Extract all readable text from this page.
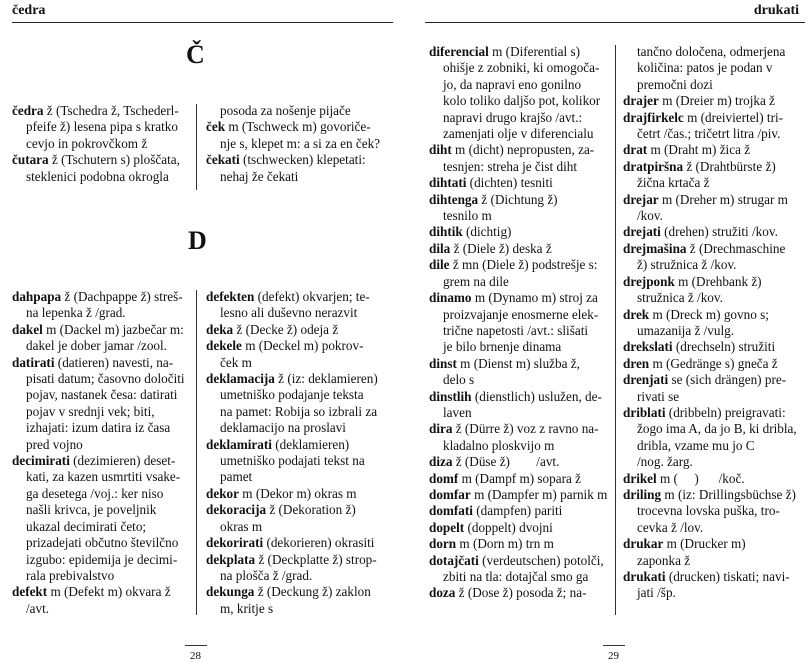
čedra
Č
čedra ž (Tschedra ž, Tschederl-
pfeife ž) lesena pipa s kratko
cevjo in pokrovčkom ž
čutara ž (Tschutern s) ploščata,
steklenici podobna okrogla
posoda za nošenje pijače
ček m (Tschweck m) govoriče-
nje s, klepet m: a si za en ček?
čekati (tschwecken) klepetati:
nehaj že čekati
D
dahpapa ž (Dachpappe ž) streš-
na lepenka ž /grad.
dakel m (Dackel m) jazbečar m:
dakel je dober jamar /zool.
datirati (datieren) navesti, na-
pisati datum; časovno določiti
pojav, nastanek česa: datirati
pojav v srednji vek; biti,
izhajati: izum datira iz časa
pred vojno
decimirati (dezimieren) deset-
kati, za kazen usmrtiti vsake-
ga desetega /voj.: ker niso
našli krivca, je poveljnik
ukazal decimirati četo;
prizadejati občutno številčno
izgubo: epidemija je decimi-
rala prebivalstvo
defekt m (Defekt m) okvara ž
/avt.
defekten (defekt) okvarjen; te-
lesno ali duševno nerazvit
deka ž (Decke ž) odeja ž
dekele m (Deckel m) pokrov-
ček m
deklamacija ž (iz: deklamieren)
umetniško podajanje teksta
na pamet: Robija so izbrali za
deklamacijo na proslavi
deklamirati (deklamieren)
umetniško podajati tekst na
pamet
dekor m (Dekor m) okras m
dekoracija ž (Dekoration ž)
okras m
dekorirati (dekorieren) okrasiti
dekplata ž (Deckplatte ž) strop-
na plošča ž /grad.
dekunga ž (Deckung ž) zaklon
m, kritje s
28
drukati
diferencial m (Diferential s)
ohišje z zobniki, ki omogoča-
jo, da napravi eno gonilno
kolo toliko daljšo pot, kolikor
napravi drugo krajšo /avt.:
zamenjati olje v diferencialu
diht m (dicht) nepropusten, za-
tesnjen: streha je čist diht
dihtati (dichten) tesniti
dihtenga ž (Dichtung ž)
tesnilo m
dihtik (dichtig)
dila ž (Diele ž) deska ž
dile ž mn (Diele ž) podstrešje s:
grem na dile
dinamo m (Dynamo m) stroj za
proizvajanje enosmerne elek-
trične napetosti /avt.: slišati
je bilo brnenje dinama
dinst m (Dienst m) služba ž,
delo s
dinstlih (dienstlich) uslužen, de-
laven
dira ž (Dürre ž) voz z ravno na-
kladalno ploskvijo m
diza ž (Düse ž)        /avt.
domf m (Dampf m) sopara ž
domfar m (Dampfer m) parnik m
domfati (dampfen) pariti
dopelt (doppelt) dvojni
dorn m (Dorn m) trn m
dotajčati (verdeutschen) potolči,
zbiti na tla: dotajčal smo ga
doza ž (Dose ž) posoda ž; na-
tančno določena, odmerjena
količina: patos je podan v
premočni dozi
drajer m (Dreier m) trojka ž
drajfirkelc m (dreiviertel) tri-
četrt /čas.; tričetrt litra /piv.
drat m (Draht m) žica ž
dratpiršna ž (Drahtbürste ž)
žična krtača ž
drejar m (Dreher m) strugar m
/kov.
drejati (drehen) stružiti /kov.
drejmašina ž (Drechmaschine
ž) stružnica ž /kov.
drejponk m (Drehbank ž)
stružnica ž /kov.
drek m (Dreck m) govno s;
umazanija ž /vulg.
drekslati (drechseln) stružiti
dren m (Gedränge s) gneča ž
drenjati se (sich drängen) pre-
rivati se
driblati (dribbeln) preigravati:
žogo ima A, da jo B, ki dribla,
dribla, vzame mu jo C
/nog. žarg.
drikel m (     )      /koč.
driling m (iz: Drillingsbüchse ž)
trocevna lovska puška, tro-
cevka ž /lov.
drukar m (Drucker m)
zaponka ž
drukati (drucken) tiskati; navi-
jati /šp.
29
